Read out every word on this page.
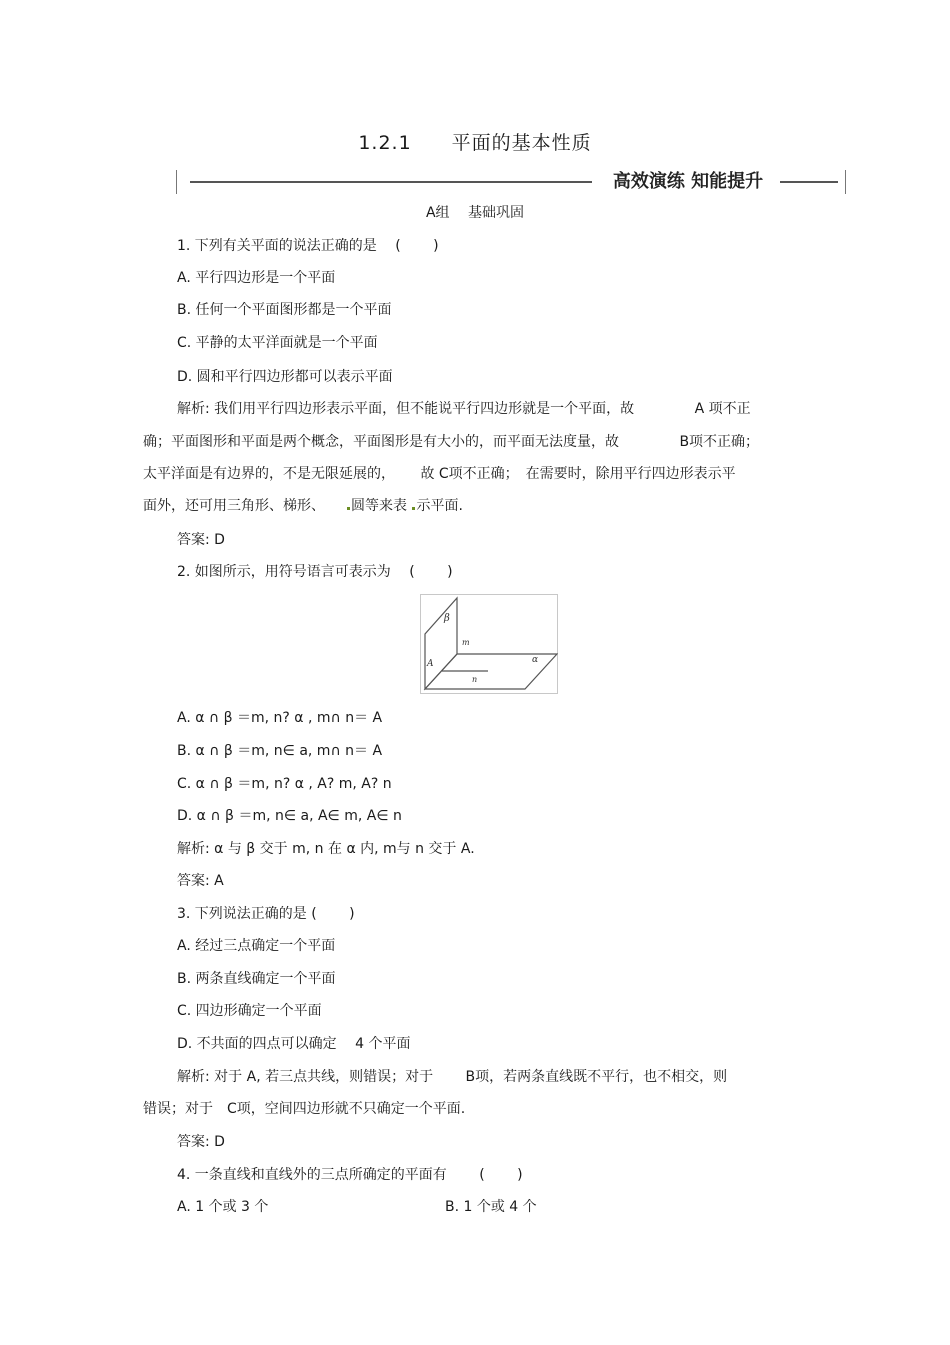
1.2.1　　平面的基本性质
高效演练 知能提升
A组　 基础巩固
1. 下列有关平面的说法正确的是　 (　　 )
A. 平行四边形是一个平面
B. 任何一个平面图形都是一个平面
C. 平静的太平洋面就是一个平面
D. 圆和平行四边形都可以表示平面
解析: 我们用平行四边形表示平面，但不能说平行四边形就是一个平面，故　　　　 A 项不正
确；平面图形和平面是两个概念，平面图形是有大小的，而平面无法度量，故　　　　 B项不正确；
太平洋面是有边界的，不是无限延展的，　　 故 C项不正确；　在需要时，除用平行四边形表示平
面外，还可用三角形、梯形、　　圆等来表 示平面.
答案: D
2. 如图所示，用符号语言可表示为　 (　　 )
β
m
α
A
n
A. α ∩ β ＝m, n? α , m∩ n＝ A
B. α ∩ β ＝m, n∈ a, m∩ n＝ A
C. α ∩ β ＝m, n? α , A? m, A? n
D. α ∩ β ＝m, n∈ a, A∈ m, A∈ n
解析: α 与 β 交于 m, n 在 α 内, m与 n 交于 A.
答案: A
3. 下列说法正确的是 (　　 )
A. 经过三点确定一个平面
B. 两条直线确定一个平面
C. 四边形确定一个平面
D. 不共面的四点可以确定　 4 个平面
解析: 对于 A, 若三点共线，则错误；对于　　 B项，若两条直线既不平行，也不相交，则
错误；对于　C项，空间四边形就不只确定一个平面.
答案: D
4. 一条直线和直线外的三点所确定的平面有　　 (　　 )
A. 1 个或 3 个	B. 1 个或 4 个
